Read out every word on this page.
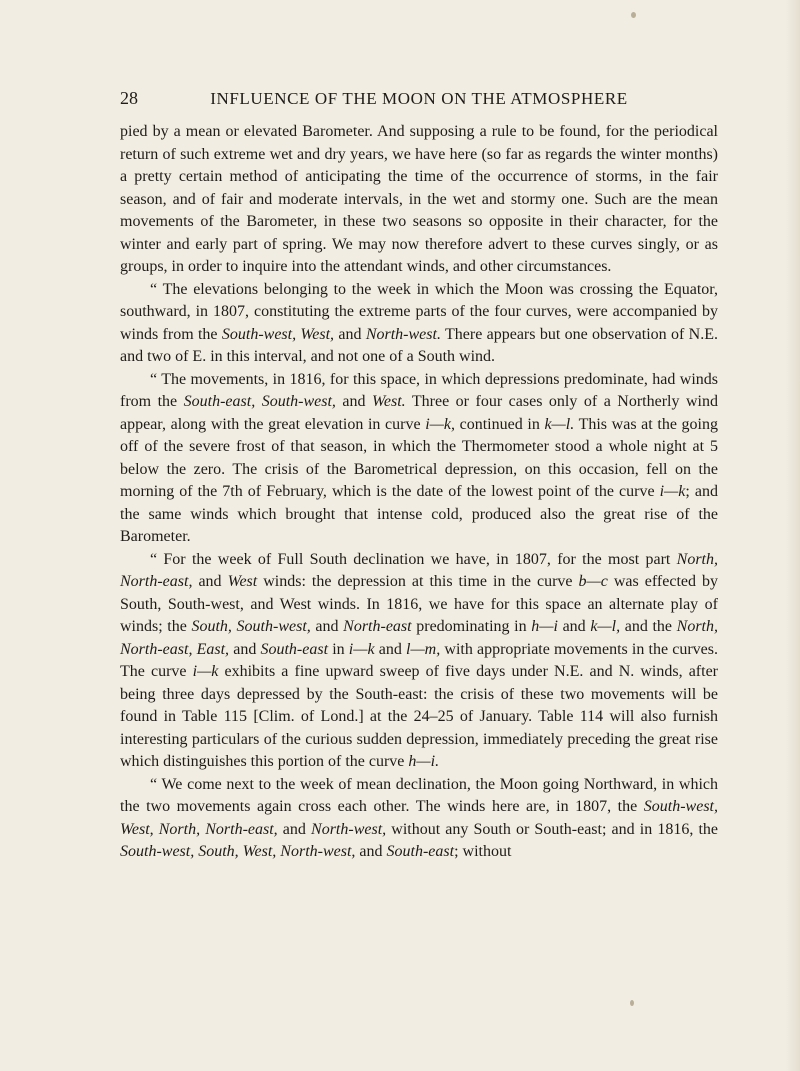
28	INFLUENCE OF THE MOON ON THE ATMOSPHERE

pied by a mean or elevated Barometer. And supposing a rule to be found, for the periodical return of such extreme wet and dry years, we have here (so far as regards the winter months) a pretty certain method of anticipating the time of the occurrence of storms, in the fair season, and of fair and moderate intervals, in the wet and stormy one. Such are the mean movements of the Barometer, in these two seasons so opposite in their character, for the winter and early part of spring. We may now therefore advert to these curves singly, or as groups, in order to inquire into the attendant winds, and other circumstances.

“ The elevations belonging to the week in which the Moon was crossing the Equator, southward, in 1807, constituting the extreme parts of the four curves, were accompanied by winds from the South-west, West, and North-west. There appears but one observation of N.E. and two of E. in this interval, and not one of a South wind.

“ The movements, in 1816, for this space, in which depressions predominate, had winds from the South-east, South-west, and West. Three or four cases only of a Northerly wind appear, along with the great elevation in curve i—k, continued in k—l. This was at the going off of the severe frost of that season, in which the Thermometer stood a whole night at 5 below the zero. The crisis of the Barometrical depression, on this occasion, fell on the morning of the 7th of February, which is the date of the lowest point of the curve i—k; and the same winds which brought that intense cold, produced also the great rise of the Barometer.

“ For the week of Full South declination we have, in 1807, for the most part North, North-east, and West winds: the depression at this time in the curve b—c was effected by South, South-west, and West winds. In 1816, we have for this space an alternate play of winds; the South, South-west, and North-east predominating in h—i and k—l, and the North, North-east, East, and South-east in i—k and l—m, with appropriate movements in the curves. The curve i—k exhibits a fine upward sweep of five days under N.E. and N. winds, after being three days depressed by the South-east: the crisis of these two movements will be found in Table 115 [Clim. of Lond.] at the 24–25 of January. Table 114 will also furnish interesting particulars of the curious sudden depression, immediately preceding the great rise which distinguishes this portion of the curve h—i.

“ We come next to the week of mean declination, the Moon going Northward, in which the two movements again cross each other. The winds here are, in 1807, the South-west, West, North, North-east, and North-west, without any South or South-east; and in 1816, the South-west, South, West, North-west, and South-east; without
